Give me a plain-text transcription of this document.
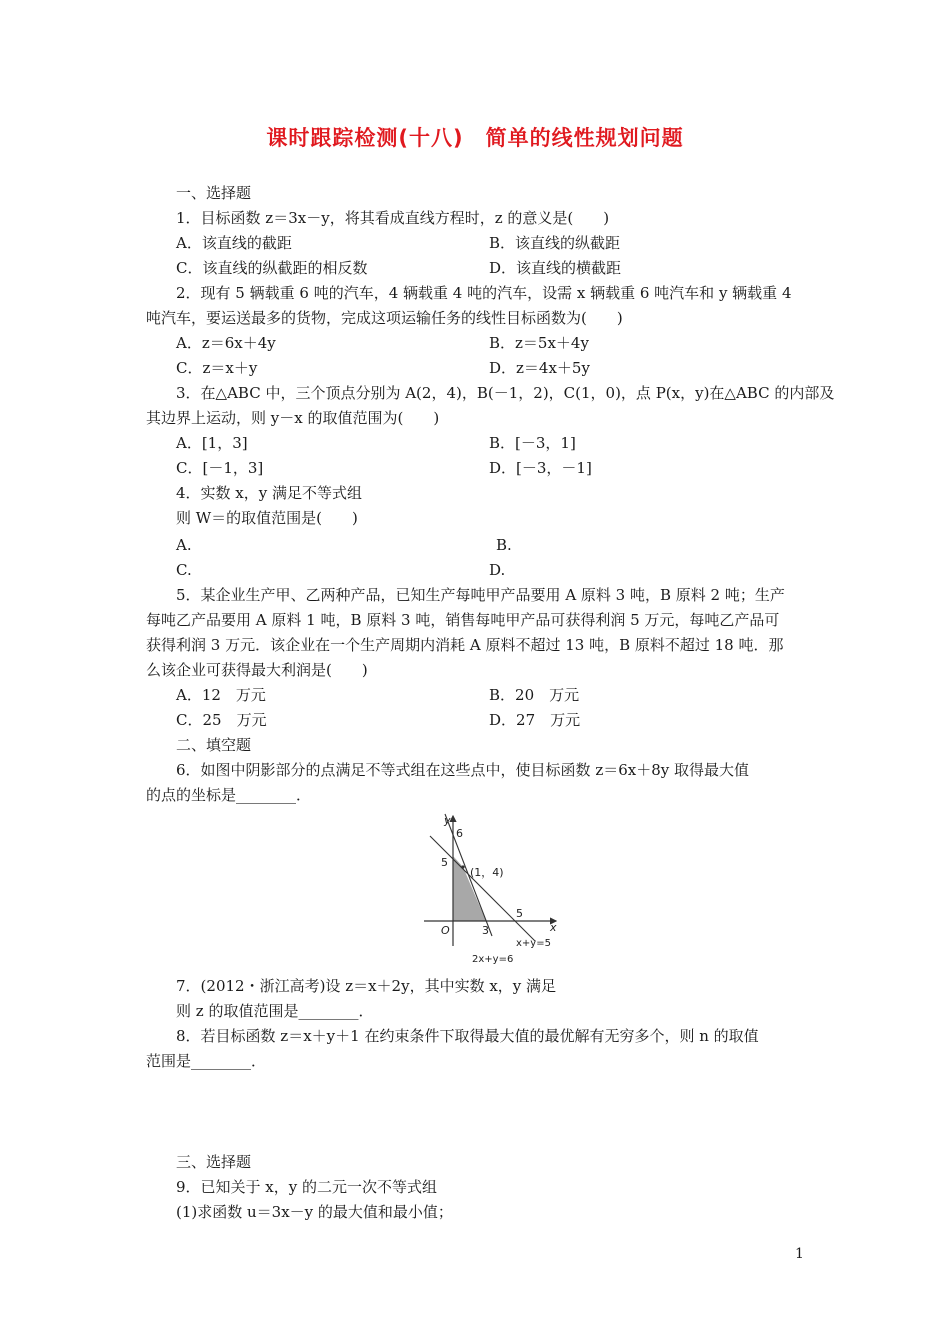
课时跟踪检测(十八)　简单的线性规划问题
一、选择题
1．目标函数 z＝3x－y，将其看成直线方程时，z 的意义是(　　)
A．该直线的截距	B．该直线的纵截距
C．该直线的纵截距的相反数	D．该直线的横截距
2．现有 5 辆载重 6 吨的汽车，4 辆载重 4 吨的汽车，设需 x 辆载重 6 吨汽车和 y 辆载重 4
吨汽车，要运送最多的货物，完成这项运输任务的线性目标函数为(　　)
A．z＝6x＋4y	B．z＝5x＋4y
C．z＝x＋y	D．z＝4x＋5y
3．在△ABC 中，三个顶点分别为 A(2，4)，B(－1，2)，C(1，0)，点 P(x，y)在△ABC 的内部及
其边界上运动，则 y－x 的取值范围为(　　)
A．[1，3]	B．[－3，1]
C．[－1，3]	D．[－3，－1]
4．实数 x，y 满足不等式组
则 W＝的取值范围是(　　)
A.	B.
C.	D.
5．某企业生产甲、乙两种产品，已知生产每吨甲产品要用 A 原料 3 吨，B 原料 2 吨；生产
每吨乙产品要用 A 原料 1 吨，B 原料 3 吨，销售每吨甲产品可获得利润 5 万元，每吨乙产品可
获得利润 3 万元．该企业在一个生产周期内消耗 A 原料不超过 13 吨，B 原料不超过 18 吨．那
么该企业可获得最大利润是(　　)
A．12　万元	B．20　万元
C．25　万元	D．27　万元
二、填空题
6．如图中阴影部分的点满足不等式组在这些点中，使目标函数 z＝6x＋8y 取得最大值
的点的坐标是________．
y
x
O
6
5
3
5
(1，4)
x+y=5
2x+y=6
7．(2012・浙江高考)设 z＝x＋2y，其中实数 x，y 满足
则 z 的取值范围是________．
8．若目标函数 z＝x＋y＋1 在约束条件下取得最大值的最优解有无穷多个，则 n 的取值
范围是________．
三、选择题
9．已知关于 x，y 的二元一次不等式组
(1)求函数 u＝3x－y 的最大值和最小值；
1
